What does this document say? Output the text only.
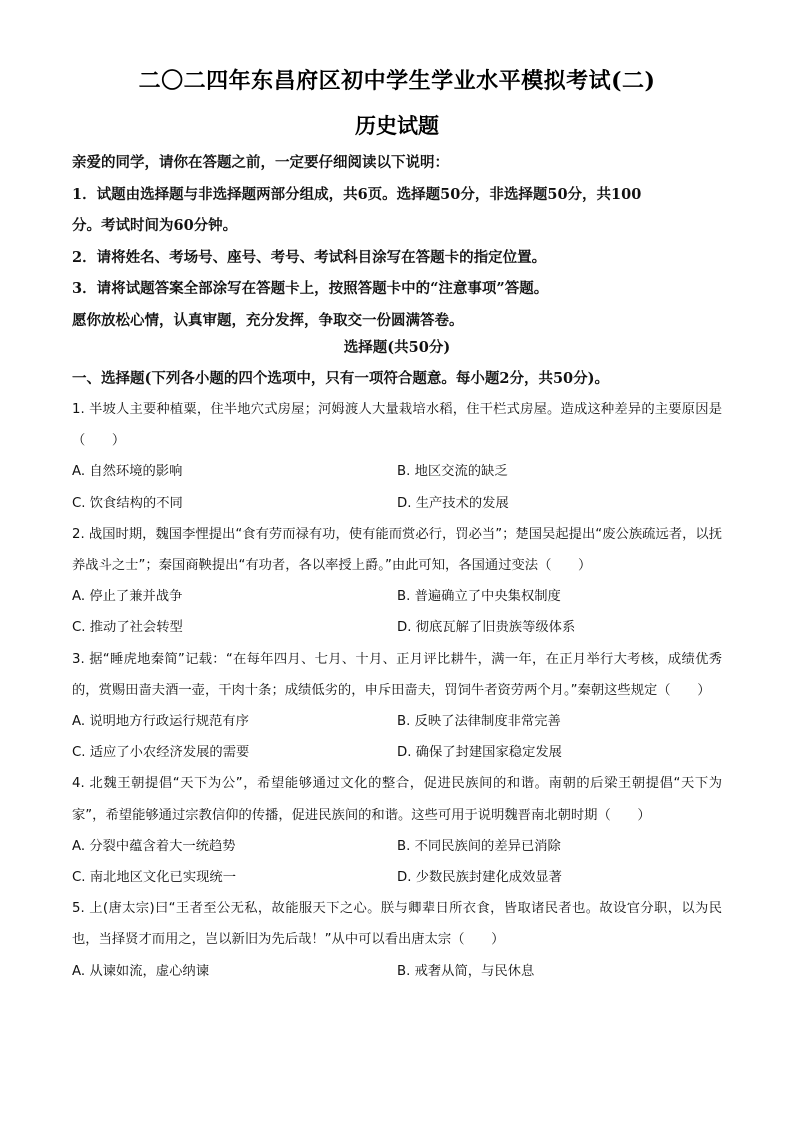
二〇二四年东昌府区初中学生学业水平模拟考试(二)
历史试题

亲爱的同学，请你在答题之前，一定要仔细阅读以下说明：

1．试题由选择题与非选择题两部分组成，共6页。选择题50分，非选择题50分，共100

分。考试时间为60分钟。

2．请将姓名、考场号、座号、考号、考试科目涂写在答题卡的指定位置。

3．请将试题答案全部涂写在答题卡上，按照答题卡中的“注意事项”答题。

愿你放松心情，认真审题，充分发挥，争取交一份圆满答卷。

选择题(共50分)
一、选择题(下列各小题的四个选项中，只有一项符合题意。每小题2分，共50分)。

1. 半坡人主要种植粟，住半地穴式房屋；河姆渡人大量栽培水稻，住干栏式房屋。造成这种差异的主要原因是（　　）

A. 自然环境的影响	B. 地区交流的缺乏
C. 饮食结构的不同	D. 生产技术的发展

2. 战国时期，魏国李悝提出“食有劳而禄有功，使有能而赏必行，罚必当”；楚国吴起提出“废公族疏远者，以抚养战斗之士”；秦国商鞅提出“有功者，各以率授上爵。”由此可知，各国通过变法（　　）

A. 停止了兼并战争	B. 普遍确立了中央集权制度
C. 推动了社会转型	D. 彻底瓦解了旧贵族等级体系

3. 据“睡虎地秦简”记载：“在每年四月、七月、十月、正月评比耕牛，满一年，在正月举行大考核，成绩优秀的，赏赐田啬夫酒一壶，干肉十条；成绩低劣的，申斥田啬夫，罚饲牛者资劳两个月。”秦朝这些规定（　　）

A. 说明地方行政运行规范有序	B. 反映了法律制度非常完善
C. 适应了小农经济发展的需要	D. 确保了封建国家稳定发展

4. 北魏王朝提倡“天下为公”，希望能够通过文化的整合，促进民族间的和谐。南朝的后梁王朝提倡“天下为家”，希望能够通过宗教信仰的传播，促进民族间的和谐。这些可用于说明魏晋南北朝时期（　　）

A. 分裂中蕴含着大一统趋势	B. 不同民族间的差异已消除
C. 南北地区文化已实现统一	D. 少数民族封建化成效显著

5. 上(唐太宗)曰“王者至公无私，故能服天下之心。朕与卿辈日所衣食，皆取诸民者也。故设官分职，以为民也，当择贤才而用之，岂以新旧为先后哉！”从中可以看出唐太宗（　　）

A. 从谏如流，虚心纳谏	B. 戒奢从简，与民休息
